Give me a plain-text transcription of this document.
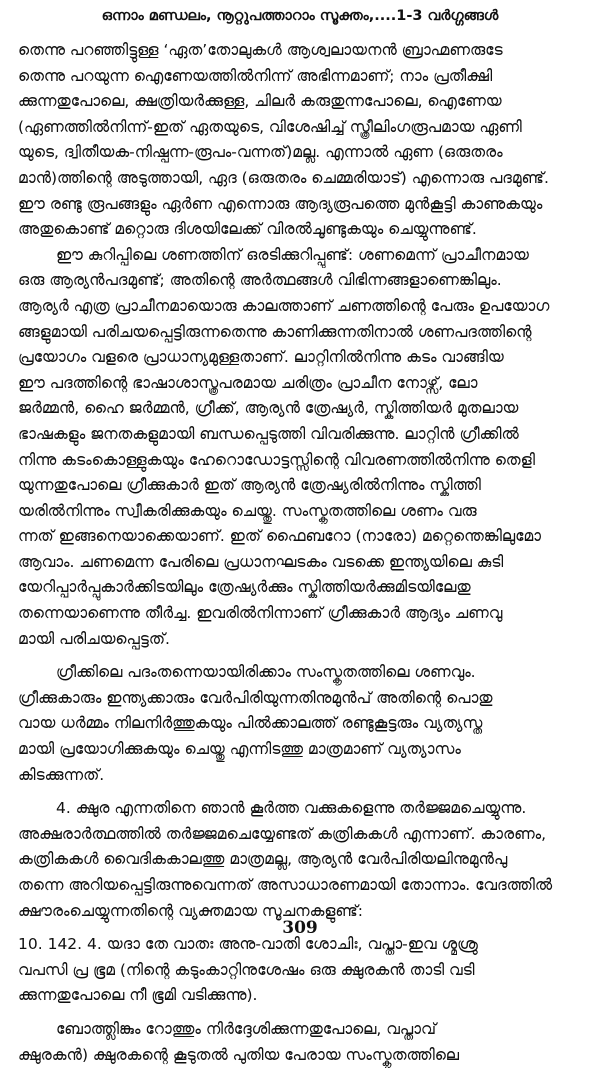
ഒന്നാം മണ്ഡലം, നൂറ്റുപത്താറാം സൂക്തം,....1-3 വർഗ്ഗങ്ങൾ
തെന്നു പറഞ്ഞിട്ടുള്ള ‘ഏത’തോലുകൾ ആശ്വലായനൻ ബ്രാഹ്മണരുടേ
തെന്നു പറയുന്ന ഐണേയത്തിൽനിന്ന് അഭിന്നമാണ്; നാം പ്രതീക്ഷി
ക്കുന്നതുപോലെ, ക്ഷത്രിയർക്കുള്ള, ചിലർ കരുതുന്നപോലെ, ഐണേയ
(ഏണത്തിൽനിന്ന്-ഇത് ഏതയുടെ, വിശേഷിച്ച് സ്ത്രീലിംഗരൂപമായ ഏണി
യുടെ, ദ്വിതീയക-നിഷ്പന്ന-രൂപം-വന്നത്)മല്ല. എന്നാൽ ഏണ (ഒരുതരം
മാൻ)ത്തിന്റെ അടുത്തായി, ഏദ (ഒരുതരം ചെമ്മരിയാട്) എന്നൊരു പദമുണ്ട്.
ഈ രണ്ടു രൂപങ്ങളും ഏർണ എന്നൊരു ആദ്യരൂപത്തെ മുൻകൂട്ടി കാണുകയും
അതുകൊണ്ട് മറ്റൊരു ദിശയിലേക്ക് വിരൽചൂണ്ടുകയും ചെയ്യുന്നുണ്ട്.
ഈ കുറിപ്പിലെ ശണത്തിന് ഒരടിക്കുറിപ്പുണ്ട്: ശണമെന്ന് പ്രാചീനമായ
ഒരു ആര്യൻപദമുണ്ട്; അതിന്റെ അർത്ഥങ്ങൾ വിഭിന്നങ്ങളാണെങ്കിലും.
ആര്യർ എത്ര പ്രാചീനമായൊരു കാലത്താണ് ചണത്തിന്റെ പേരും ഉപയോഗ
ങ്ങളുമായി പരിചയപ്പെട്ടിരുന്നതെന്നു കാണിക്കുന്നതിനാൽ ശണപദത്തിന്റെ
പ്രയോഗം വളരെ പ്രാധാന്യമുള്ളതാണ്. ലാറ്റിനിൽനിന്നു കടം വാങ്ങിയ
ഈ പദത്തിന്റെ ഭാഷാശാസ്ത്രപരമായ ചരിത്രം പ്രാചീന നോഴ്സ്, ലോ
ജർമ്മൻ, ഹൈ ജർമ്മൻ, ഗ്രീക്ക്, ആര്യൻ ത്രേഷ്യർ, സ്കിത്തിയർ മുതലായ
ഭാഷകളും ജനതകളുമായി ബന്ധപ്പെടുത്തി വിവരിക്കുന്നു. ലാറ്റിൻ ഗ്രീക്കിൽ
നിന്നു കടംകൊള്ളുകയും ഹേറൊഡോട്ടസ്സിന്റെ വിവരണത്തിൽനിന്നു തെളി
യുന്നതുപോലെ ഗ്രീക്കുകാർ ഇത് ആര്യൻ ത്രേഷ്യരിൽനിന്നും സ്കിത്തി
യരിൽനിന്നും സ്വീകരിക്കുകയും ചെയ്തു. സംസ്കൃതത്തിലെ ശണം വരു
ന്നത് ഇങ്ങനെയാക്കെയാണ്. ഇത് ഫൈബറോ (നാരോ) മറ്റെന്തെങ്കിലുമോ
ആവാം. ചണമെന്ന പേരിലെ പ്രധാനഘടകം വടക്കെ ഇന്ത്യയിലെ കുടി
യേറിപ്പാർപ്പുകാർക്കിടയിലും ത്രേഷ്യർക്കും സ്കിത്തിയർക്കുമിടയിലേതു
തന്നെയാണെന്നു തീർച്ച. ഇവരിൽനിന്നാണ് ഗ്രീക്കുകാർ ആദ്യം ചണവു
മായി പരിചയപ്പെട്ടത്.
ഗ്രീക്കിലെ പദംതന്നെയായിരിക്കാം സംസ്കൃതത്തിലെ ശണവും.
ഗ്രീക്കുകാരും ഇന്ത്യക്കാരും വേർപിരിയുന്നതിനുമുൻപ് അതിന്റെ പൊതു
വായ ധർമ്മം നിലനിർത്തുകയും പിൽക്കാലത്ത് രണ്ടുകൂട്ടരും വ്യത്യസ്ത
മായി പ്രയോഗിക്കുകയും ചെയ്തു എന്നിടത്തു മാത്രമാണ് വ്യത്യാസം
കിടക്കുന്നത്.
4. ക്ഷുര എന്നതിനെ ഞാൻ കൂർത്ത വക്കുകളെന്നു തർജ്ജമചെയ്യുന്നു.
അക്ഷരാർത്ഥത്തിൽ തർജ്ജമചെയ്യേണ്ടത് കത്രികകൾ എന്നാണ്. കാരണം,
കത്രികകൾ വൈദികകാലത്തു മാത്രമല്ല, ആര്യൻ വേർപിരിയലിനുമുൻപു
തന്നെ അറിയപ്പെട്ടിരുന്നുവെന്നത് അസാധാരണമായി തോന്നാം. വേദത്തിൽ
ക്ഷൗരംചെയ്യുന്നതിന്റെ വ്യക്തമായ സൂചനകളുണ്ട്:
10. 142. 4. യദാ തേ വാതഃ അനു-വാതി ശോചിഃ, വപ്താ-ഇവ ശ്മശ്രു
വപസി പ്ര ഭൂമ (നിന്റെ കടുംകാറ്റിനുശേഷം ഒരു ക്ഷുരകൻ താടി വടി
ക്കുന്നതുപോലെ നീ ഭൂമി വടിക്കുന്നു).
ബോത്ത്ലിങ്കും റോത്തും നിർദ്ദേശിക്കുന്നതുപോലെ, വപ്താവ്
ക്ഷുരകൻ) ക്ഷുരകന്റെ കൂടുതൽ പുതിയ പേരായ സംസ്കൃതത്തിലെ
309
